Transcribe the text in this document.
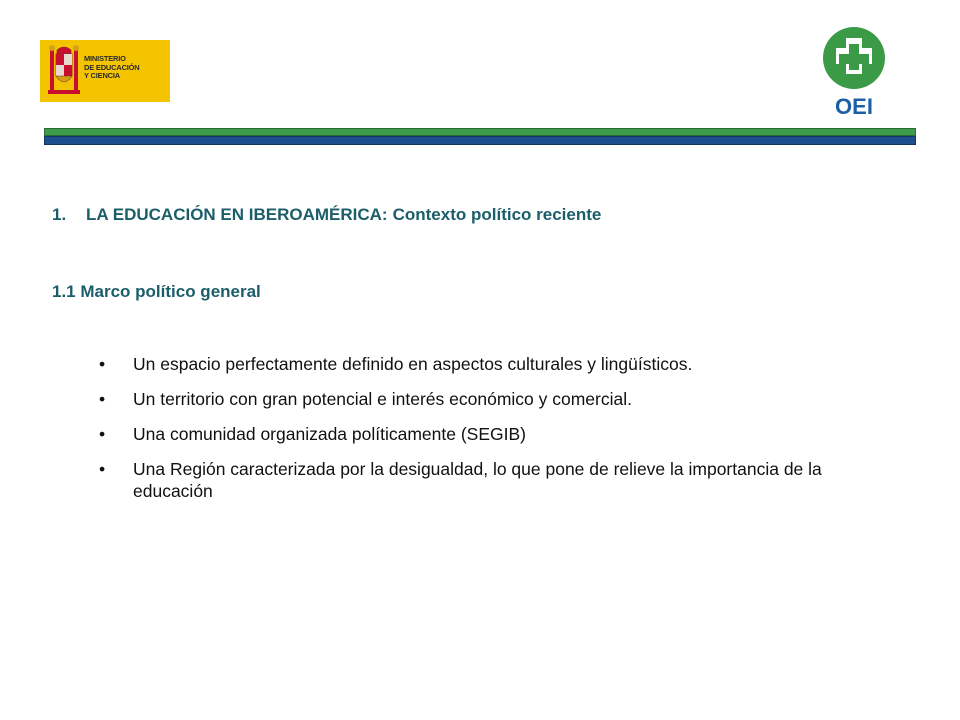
MINISTERIO
DE EDUCACIÓN
Y CIENCIA
OEI
1. LA EDUCACIÓN EN IBEROAMÉRICA: Contexto político reciente
1.1 Marco político general
• Un espacio perfectamente definido en aspectos culturales y lingüísticos.
• Un territorio con gran potencial e interés económico y comercial.
• Una comunidad organizada políticamente (SEGIB)
• Una Región caracterizada por la desigualdad, lo que pone de relieve la importancia de la educación
